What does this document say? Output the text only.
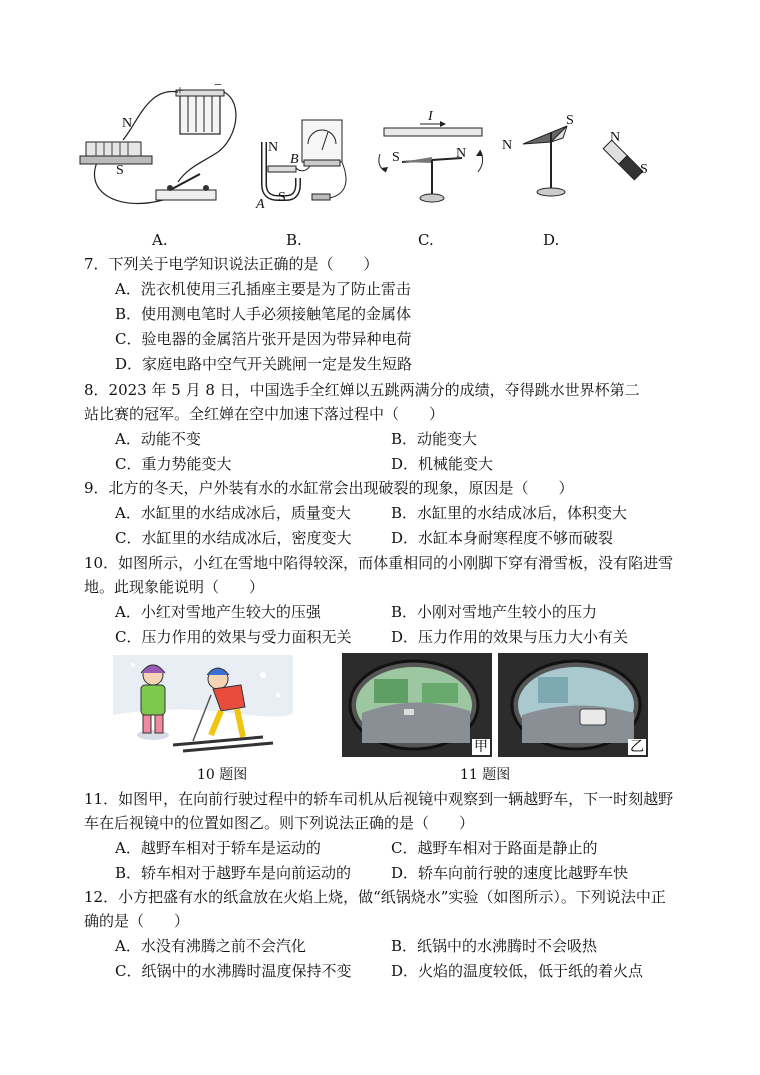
N
S
+ −
N
B
S
A
I
S	N
S
N
N
S
A.	B.	C.	D.
7．下列关于电学知识说法正确的是（　　）
A．洗衣机使用三孔插座主要是为了防止雷击
B．使用测电笔时人手必须接触笔尾的金属体
C．验电器的金属箔片张开是因为带异种电荷
D．家庭电路中空气开关跳闸一定是发生短路
8．2023 年 5 月 8 日，中国选手全红婵以五跳两满分的成绩，夺得跳水世界杯第二
站比赛的冠军。全红婵在空中加速下落过程中（　　）
A．动能不变	B．动能变大
C．重力势能变大	D．机械能变大
9．北方的冬天，户外装有水的水缸常会出现破裂的现象，原因是（　　）
A．水缸里的水结成冰后，质量变大	B．水缸里的水结成冰后，体积变大
C．水缸里的水结成冰后，密度变大	D．水缸本身耐寒程度不够而破裂
10．如图所示，小红在雪地中陷得较深，而体重相同的小刚脚下穿有滑雪板，没有陷进雪
地。此现象能说明（　　）
A．小红对雪地产生较大的压强	B．小刚对雪地产生较小的压力
C．压力作用的效果与受力面积无关	D．压力作用的效果与压力大小有关
甲	乙
10 题图	11 题图
11．如图甲，在向前行驶过程中的轿车司机从后视镜中观察到一辆越野车，下一时刻越野
车在后视镜中的位置如图乙。则下列说法正确的是（　　）
A．越野车相对于轿车是运动的	C．越野车相对于路面是静止的
B．轿车相对于越野车是向前运动的	D．轿车向前行驶的速度比越野车快
12．小方把盛有水的纸盒放在火焰上烧，做“纸锅烧水”实验（如图所示）。下列说法中正
确的是（　　）
A．水没有沸腾之前不会汽化	B．纸锅中的水沸腾时不会吸热
C．纸锅中的水沸腾时温度保持不变	D．火焰的温度较低，低于纸的着火点
